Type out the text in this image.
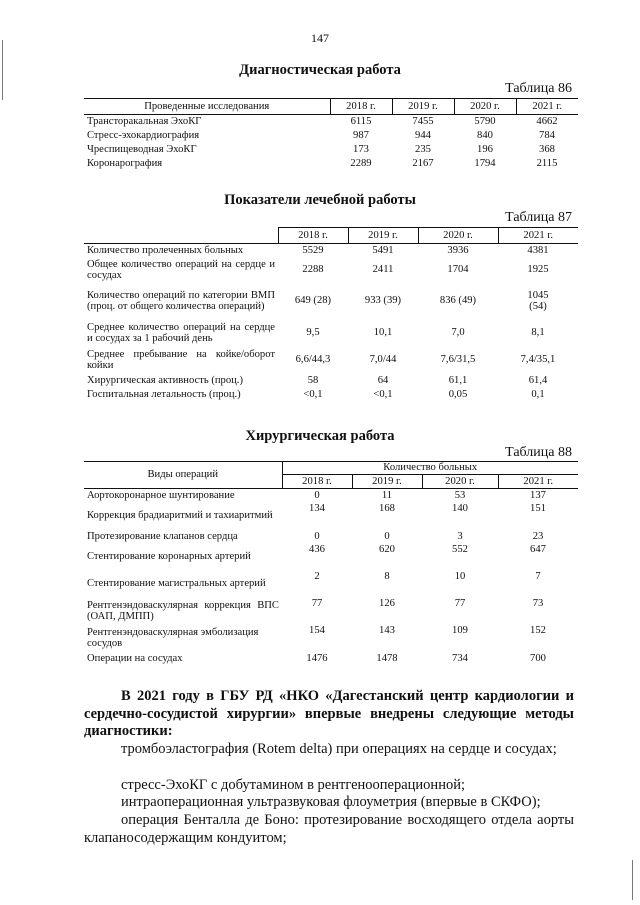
147
Диагностическая работа
Таблица 86
Проведенные исследования	2018 г.	2019 г.	2020 г.	2021 г.
Трансторакальная ЭхоКГ	6115	7455	5790	4662
Стресс-эхокардиография	987	944	840	784
Чреспищеводная ЭхоКГ	173	235	196	368
Коронарография	2289	2167	1794	2115
Показатели лечебной работы
Таблица 87
	2018 г.	2019 г.	2020 г.	2021 г.
Количество пролеченных больных	5529	5491	3936	4381
Общее количество операций на сердце и сосудах	2288	2411	1704	1925
Количество операций по категории ВМП (проц. от общего количества операций)	649 (28)	933 (39)	836 (49)	1045 (54)
Среднее количество операций на сердце и сосудах за 1 рабочий день	9,5	10,1	7,0	8,1
Среднее пребывание на койке/оборот койки	6,6/44,3	7,0/44	7,6/31,5	7,4/35,1
Хирургическая активность (проц.)	58	64	61,1	61,4
Госпитальная летальность (проц.)	<0,1	<0,1	0,05	0,1
Хирургическая работа
Таблица 88
Виды операций	Количество больных			
	2018 г.	2019 г.	2020 г.	2021 г.
Аортокоронарное шунтирование	0	11	53	137
Коррекция брадиаритмий и тахиаритмий	134	168	140	151
Протезирование клапанов сердца	0	0	3	23
Стентирование коронарных артерий	436	620	552	647
Стентирование магистральных артерий	2	8	10	7
Рентгенэндоваскулярная коррекция ВПС (ОАП, ДМПП)	77	126	77	73
Рентгенэндоваскулярная эмболизация сосудов	154	143	109	152
Операции на сосудах	1476	1478	734	700
В 2021 году в ГБУ РД «НКО «Дагестанский центр кардиологии и сердечно-сосудистой хирургии» впервые внедрены следующие методы диагностики:
тромбоэластография (Rotem delta) при операциях на сердце и сосудах;
стресс-ЭхоКГ с добутамином в рентгенооперационной;
интраоперационная ультразвуковая флоуметрия (впервые в СКФО);
операция Бенталла де Боно: протезирование восходящего отдела аорты клапаносодержащим кондуитом;
